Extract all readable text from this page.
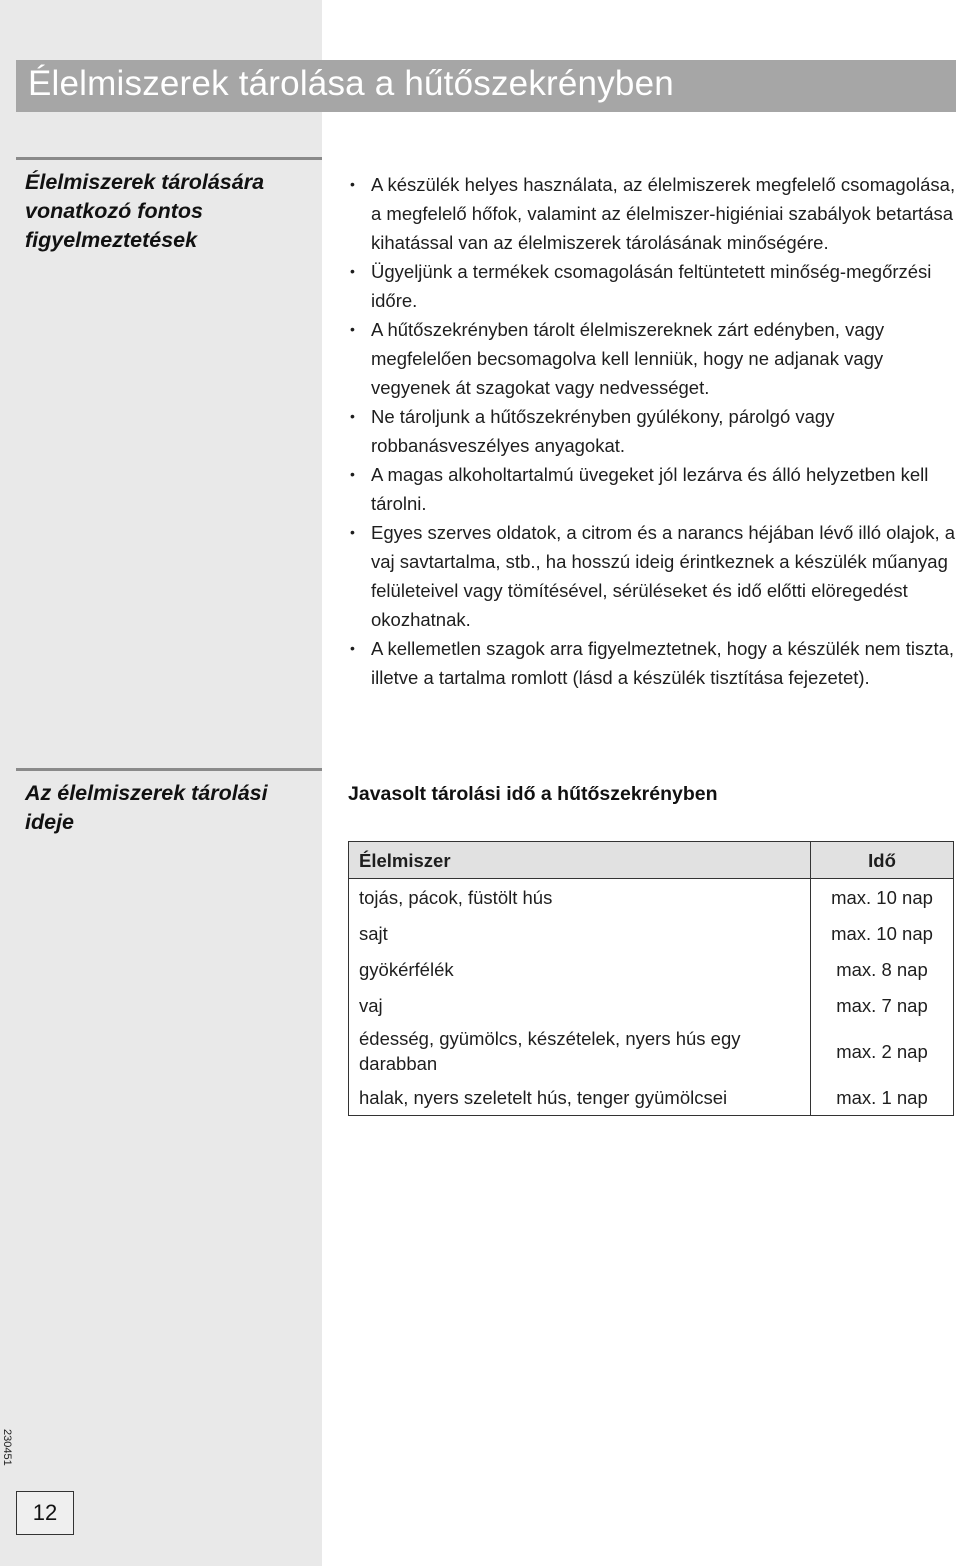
Élelmiszerek tárolása a hűtőszekrényben

Élelmiszerek tárolására vonatkozó fontos figyelmeztetések

• A készülék helyes használata, az élelmiszerek megfelelő csomagolása, a megfelelő hőfok, valamint az élelmiszer-higiéniai szabályok betartása kihatással van az élelmiszerek tárolásának minőségére.
• Ügyeljünk a termékek csomagolásán feltüntetett minőség-megőrzési időre.
• A hűtőszekrényben tárolt élelmiszereknek zárt edényben, vagy megfelelően becsomagolva kell lenniük, hogy ne adjanak vagy vegyenek át szagokat vagy nedvességet.
• Ne tároljunk a hűtőszekrényben gyúlékony, párolgó vagy robbanásveszélyes anyagokat.
• A magas alkoholtartalmú üvegeket jól lezárva és álló helyzetben kell tárolni.
• Egyes szerves oldatok, a citrom és a narancs héjában lévő illó olajok, a vaj savtartalma, stb., ha hosszú ideig érintkeznek a készülék műanyag felületeivel vagy tömítésével, sérüléseket és idő előtti elöregedést okozhatnak.
• A kellemetlen szagok arra figyelmeztetnek, hogy a készülék nem tiszta, illetve a tartalma romlott (lásd a készülék tisztítása fejezetet).

Az élelmiszerek tárolási ideje

Javasolt tárolási idő a hűtőszekrényben
Élelmiszer	Idő
tojás, pácok, füstölt hús	max. 10 nap
sajt	max. 10 nap
gyökérfélék	max. 8 nap
vaj	max. 7 nap
édesség, gyümölcs, készételek, nyers hús egy darabban	max. 2 nap
halak, nyers szeletelt hús, tenger gyümölcsei	max. 1 nap
230451
12
